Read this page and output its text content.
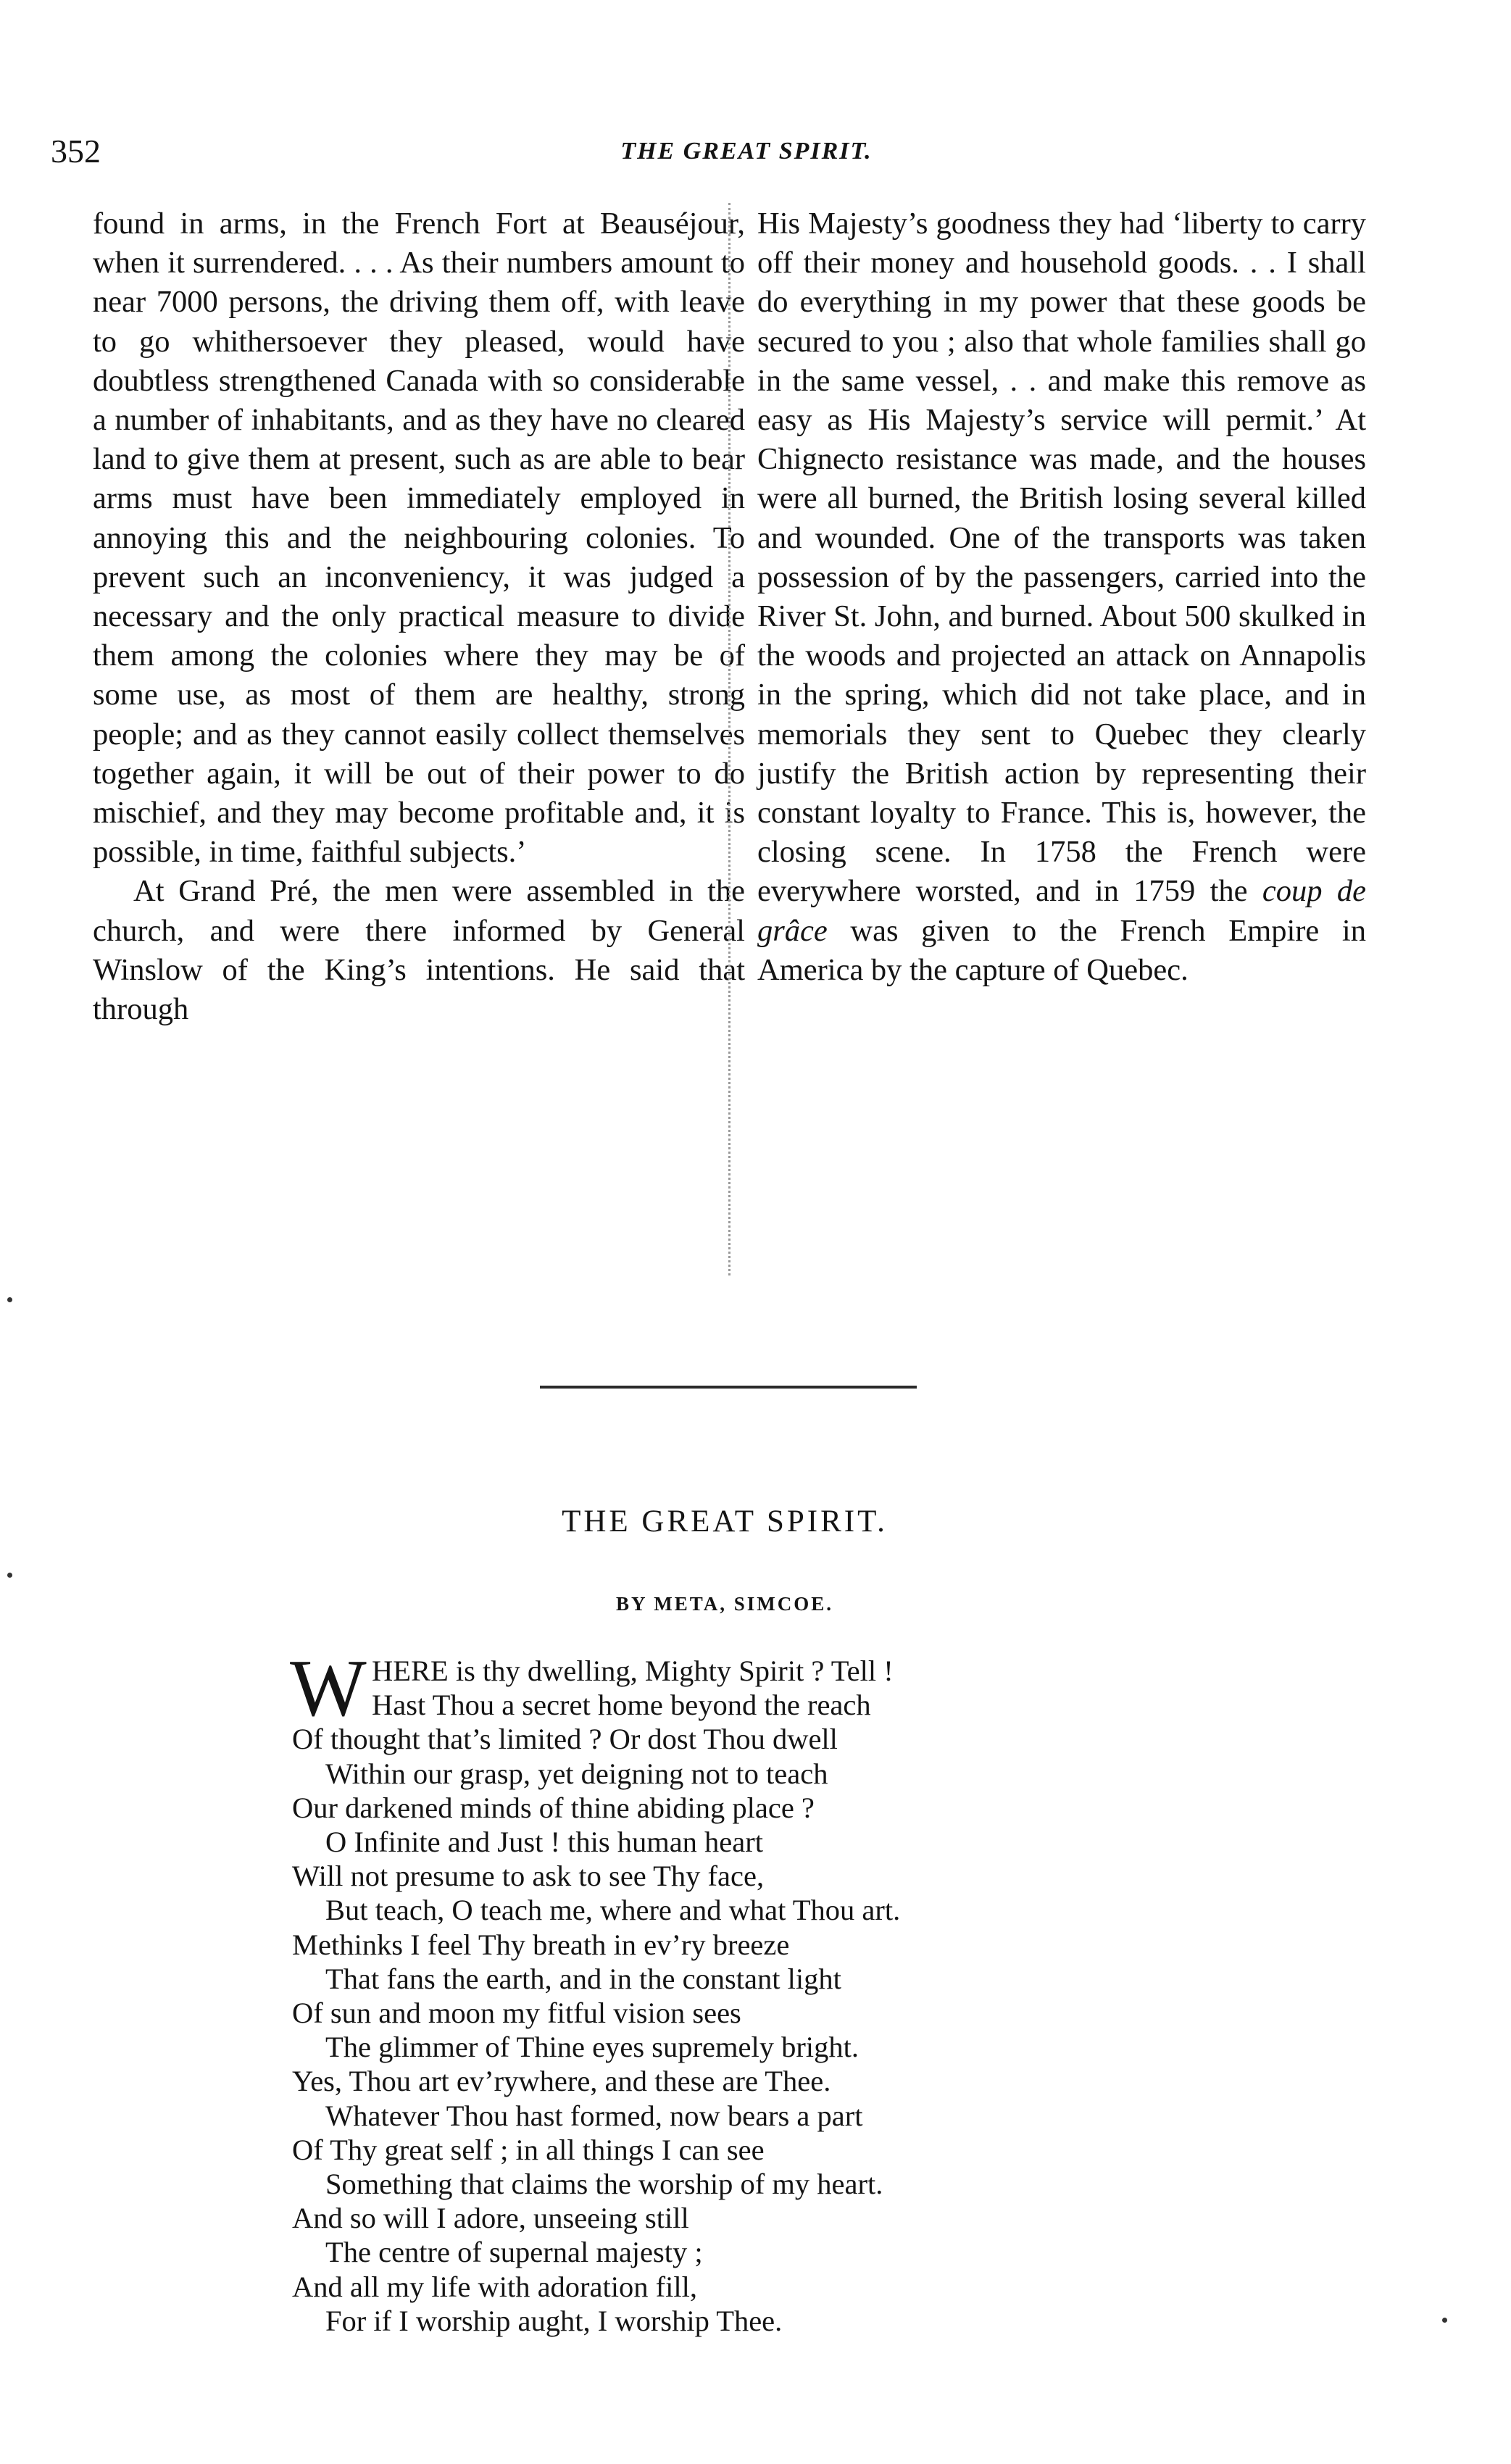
352	THE GREAT SPIRIT.

found in arms, in the French Fort at Beauséjour, when it surrendered. . . . As their numbers amount to near 7000 persons, the driving them off, with leave to go whithersoever they pleased, would have doubtless strengthened Canada with so considerable a number of inhabitants, and as they have no cleared land to give them at present, such as are able to bear arms must have been immediately employed in annoying this and the neighbouring colonies. To prevent such an inconveniency, it was judged a necessary and the only practical measure to divide them among the colonies where they may be of some use, as most of them are healthy, strong people; and as they cannot easily collect themselves together again, it will be out of their power to do mischief, and they may become profitable and, it is possible, in time, faithful subjects.’

At Grand Pré, the men were assembled in the church, and were there informed by General Winslow of the King’s intentions. He said that through

His Majesty’s goodness they had ‘liberty to carry off their money and household goods. . . I shall do everything in my power that these goods be secured to you ; also that whole families shall go in the same vessel, . . and make this remove as easy as His Majesty’s service will permit.’ At Chignecto resistance was made, and the houses were all burned, the British losing several killed and wounded. One of the transports was taken possession of by the passengers, carried into the River St. John, and burned. About 500 skulked in the woods and projected an attack on Annapolis in the spring, which did not take place, and in memorials they sent to Quebec they clearly justify the British action by representing their constant loyalty to France. This is, however, the closing scene. In 1758 the French were everywhere worsted, and in 1759 the coup de grâce was given to the French Empire in America by the capture of Quebec.

THE GREAT SPIRIT.
BY META, SIMCOE.
W HERE is thy dwelling, Mighty Spirit ? Tell !
Hast Thou a secret home beyond the reach
Of thought that’s limited ? Or dost Thou dwell
Within our grasp, yet deigning not to teach
Our darkened minds of thine abiding place ?
O Infinite and Just ! this human heart
Will not presume to ask to see Thy face,
But teach, O teach me, where and what Thou art.
Methinks I feel Thy breath in ev’ry breeze
That fans the earth, and in the constant light
Of sun and moon my fitful vision sees
The glimmer of Thine eyes supremely bright.
Yes, Thou art ev’rywhere, and these are Thee.
Whatever Thou hast formed, now bears a part
Of Thy great self ; in all things I can see
Something that claims the worship of my heart.
And so will I adore, unseeing still
The centre of supernal majesty ;
And all my life with adoration fill,
For if I worship aught, I worship Thee.
